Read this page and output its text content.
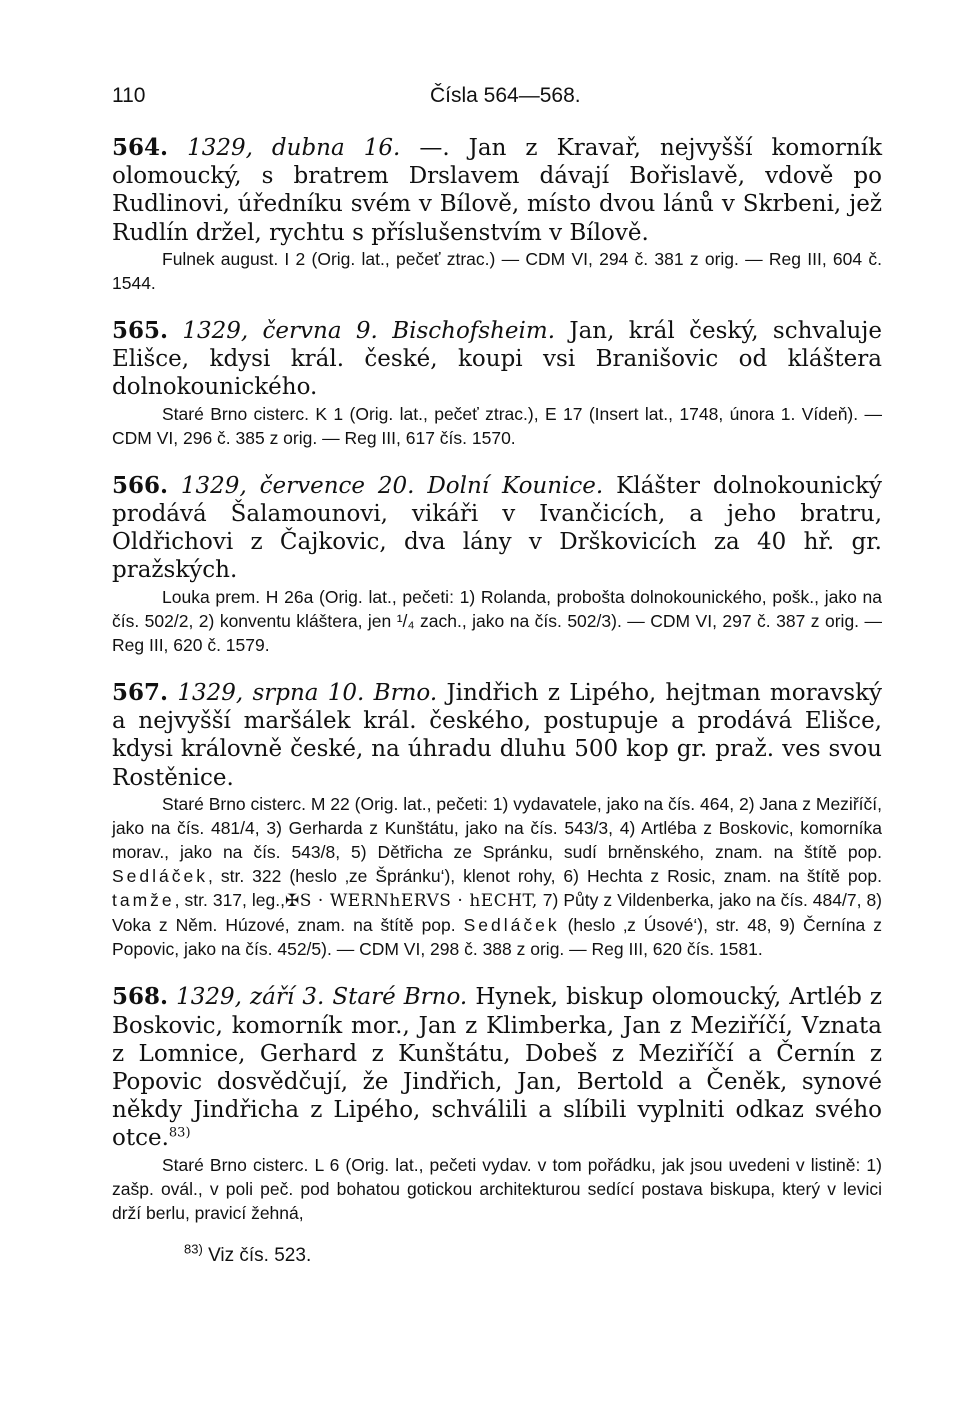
110	Čísla 564—568.

564. 1329, dubna 16. —. Jan z Kravař, nejvyšší komorník olomoucký, s bratrem Drslavem dávají Bořislavě, vdově po Rudlinovi, úředníku svém v Bílově, místo dvou lánů v Skrbeni, jež Rudlín držel, rychtu s příslušenstvím v Bílově.

Fulnek august. I 2 (Orig. lat., pečeť ztrac.) — CDM VI, 294 č. 381 z orig. — Reg III, 604 č. 1544.

565. 1329, června 9. Bischofsheim. Jan, král český, schvaluje Elišce, kdysi král. české, koupi vsi Branišovic od kláštera dolnokounického.

Staré Brno cisterc. K 1 (Orig. lat., pečeť ztrac.), E 17 (Insert lat., 1748, února 1. Vídeň). — CDM VI, 296 č. 385 z orig. — Reg III, 617 čís. 1570.

566. 1329, července 20. Dolní Kounice. Klášter dolnokounický prodává Šalamounovi, vikáři v Ivančicích, a jeho bratru, Oldřichovi z Čajkovic, dva lány v Drškovicích za 40 hř. gr. pražských.

Louka prem. H 26a (Orig. lat., pečeti: 1) Rolanda, probošta dolnokounického, pošk., jako na čís. 502/2, 2) konventu kláštera, jen ¹/₄ zach., jako na čís. 502/3). — CDM VI, 297 č. 387 z orig. — Reg III, 620 č. 1579.

567. 1329, srpna 10. Brno. Jindřich z Lipého, hejtman moravský a nejvyšší maršálek král. českého, postupuje a prodává Elišce, kdysi královně české, na úhradu dluhu 500 kop gr. praž. ves svou Rostěnice.

Staré Brno cisterc. M 22 (Orig. lat., pečeti: 1) vydavatele, jako na čís. 464, 2) Jana z Meziříčí, jako na čís. 481/4, 3) Gerharda z Kunštátu, jako na čís. 543/3, 4) Artléba z Boskovic, komorníka morav., jako na čís. 543/8, 5) Dětřicha ze Spránku, sudí brněnského, znam. na štítě pop. Sedláček, str. 322 (heslo ‚ze Špránku‘), klenot rohy, 6) Hechta z Rosic, znam. na štítě pop. tamže, str. 317, leg.,✠S · WERNhERVS · hECHT, 7) Půty z Vildenberka, jako na čís. 484/7, 8) Voka z Něm. Húzové, znam. na štítě pop. Sedláček (heslo ‚z Úsové‘), str. 48, 9) Černína z Popovic, jako na čís. 452/5). — CDM VI, 298 č. 388 z orig. — Reg III, 620 čís. 1581.

568. 1329, září 3. Staré Brno. Hynek, biskup olomoucký, Artléb z Boskovic, komorník mor., Jan z Klimberka, Jan z Meziříčí, Vznata z Lomnice, Gerhard z Kunštátu, Dobeš z Meziříčí a Černín z Popovic dosvědčují, že Jindřich, Jan, Bertold a Čeněk, synové někdy Jindřicha z Lipého, schválili a slíbili vyplniti odkaz svého otce.$^{83)}$

Staré Brno cisterc. L 6 (Orig. lat., pečeti vydav. v tom pořádku, jak jsou uvedeni v listině: 1) zašp. ovál., v poli peč. pod bohatou gotickou architekturou sedící postava biskupa, který v levici drží berlu, pravicí žehná,

$^{83)}$ Viz čís. 523.
